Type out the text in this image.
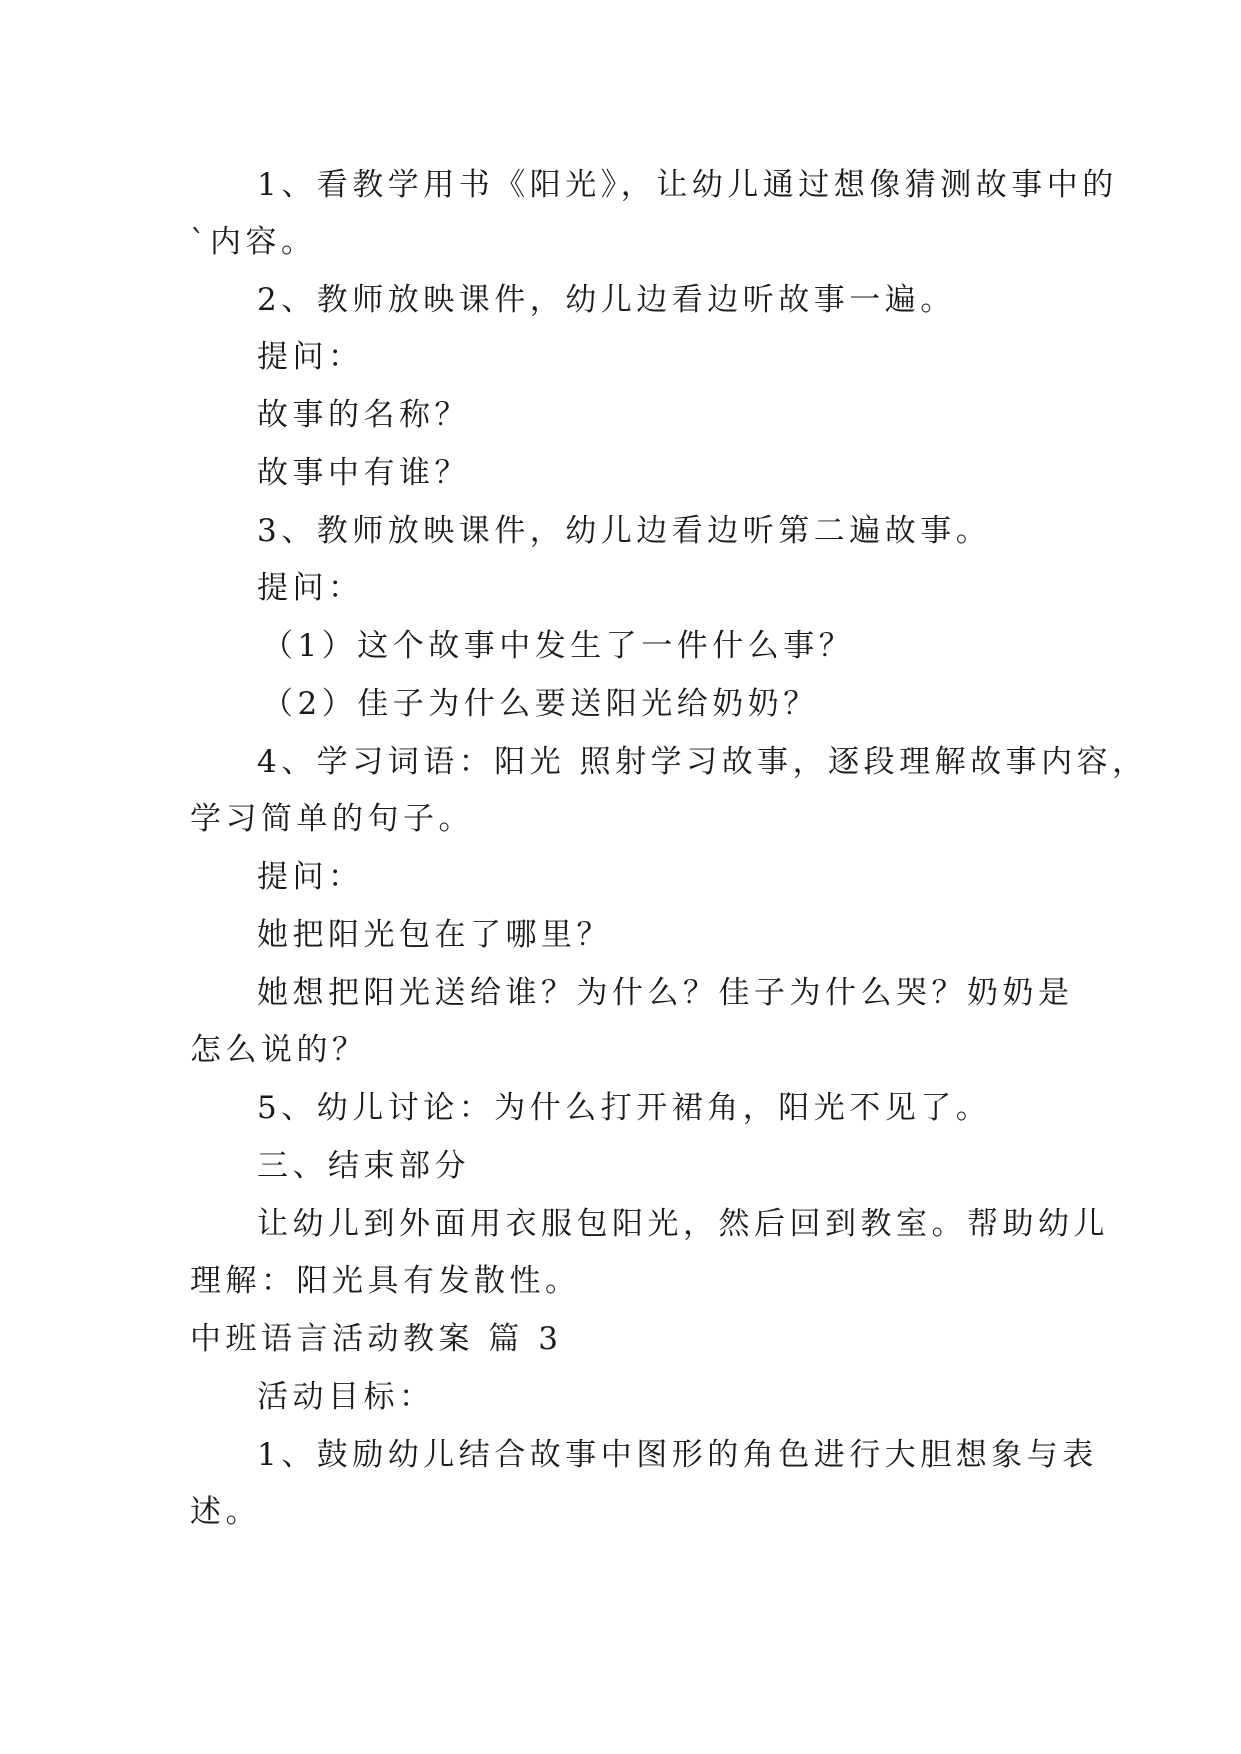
1、看教学用书《阳光》，让幼儿通过想像猜测故事中的
`内容。
2、教师放映课件，幼儿边看边听故事一遍。
提问：
故事的名称？
故事中有谁？
3、教师放映课件，幼儿边看边听第二遍故事。
提问：
（1）这个故事中发生了一件什么事？
（2）佳子为什么要送阳光给奶奶？
4、学习词语：阳光 照射学习故事，逐段理解故事内容，
学习简单的句子。
提问：
她把阳光包在了哪里？
她想把阳光送给谁？为什么？佳子为什么哭？奶奶是
怎么说的？
5、幼儿讨论：为什么打开裙角，阳光不见了。
三、结束部分
让幼儿到外面用衣服包阳光，然后回到教室。帮助幼儿
理解：阳光具有发散性。
中班语言活动教案 篇 3
活动目标：
1、鼓励幼儿结合故事中图形的角色进行大胆想象与表
述。
